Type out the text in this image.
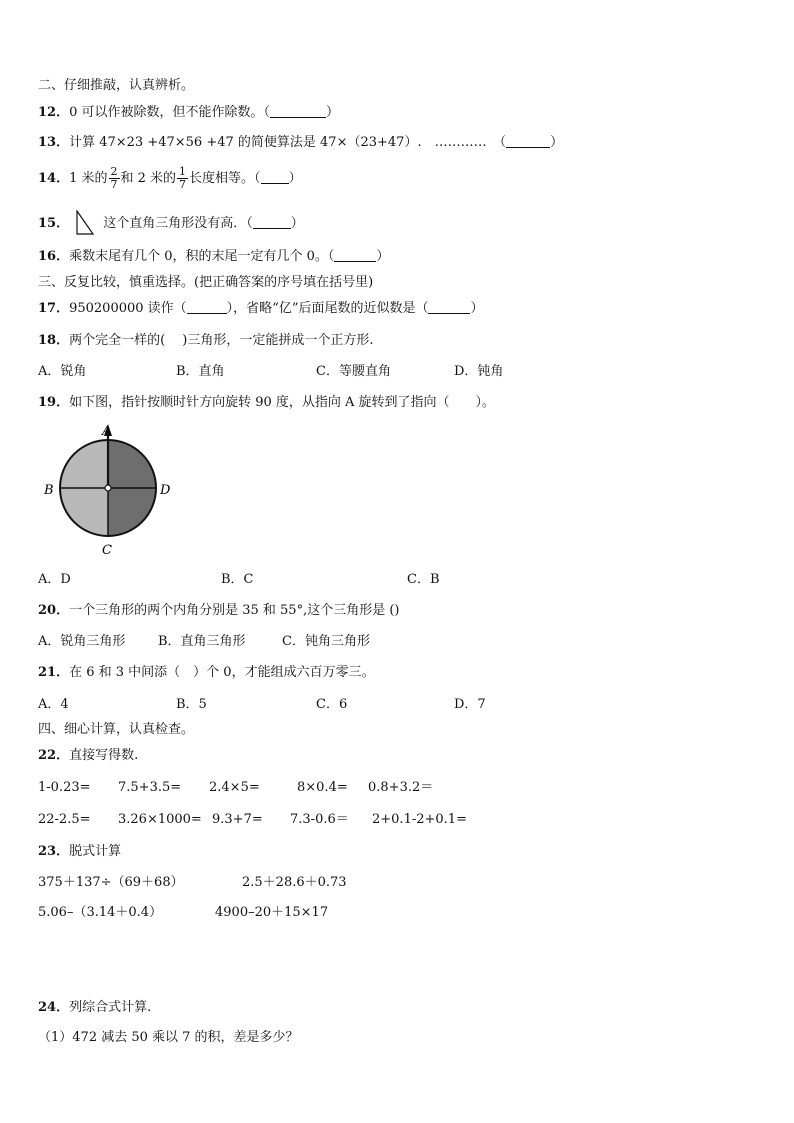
二、仔细推敲，认真辨析。
12．0 可以作被除数，但不能作除数。（	）
13．计算 47×23 +47×56 +47 的简便算法是 47×（23+47）.　…………　（	）
14．1 米的 $\frac{2}{7}$ 和 2 米的 $\frac{1}{7}$ 长度相等。（ ）
15．	这个直角三角形没有高．（	）
16．乘数末尾有几个 0，积的末尾一定有几个 0。（	）
三、反复比较，慎重选择。(把正确答案的序号填在括号里)
17．950200000 读作（	），省略“亿”后面尾数的近似数是（	）
18．两个完全一样的(　 )三角形，一定能拼成一个正方形.
A．锐角	B．直角	C．等腰直角	D．钝角
19．如下图，指针按顺时针方向旋转 90 度，从指向 A 旋转到了指向（　　）。
A
B
C
D
A．D	B．C	C．B
20．一个三角形的两个内角分别是 35 和 55°,这个三角形是 ()
A．锐角三角形	B．直角三角形	C．钝角三角形
21．在 6 和 3 中间添（　）个 0，才能组成六百万零三。
A．4	B．5	C．6	D．7
四、细心计算，认真检查。
22．直接写得数.
1-0.23= 7.5+3.5= 2.4×5=	8×0.4= 0.8+3.2＝
22-2.5= 3.26×1000= 9.3+7= 7.3-0.6＝ 2+0.1-2+0.1=
23．脱式计算
375＋137÷（69＋68）	2.5＋28.6＋0.73
5.06–（3.14＋0.4）	4900–20＋15×17
24．列综合式计算.
（1）472 减去 50 乘以 7 的积，差是多少？
